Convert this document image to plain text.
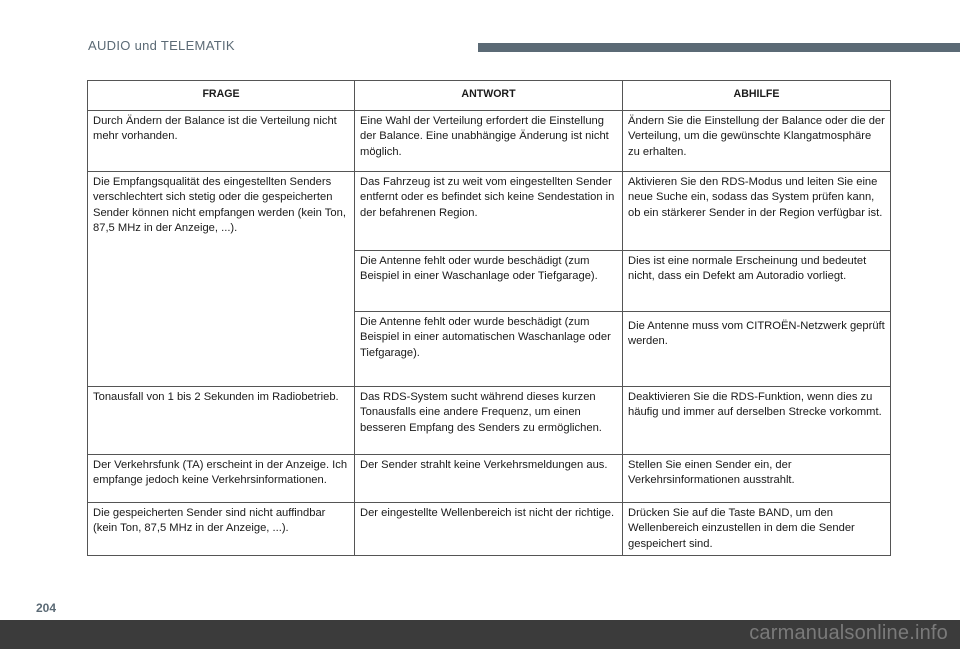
AUDIO und TELEMATIK
FRAGE	ANTWORT	ABHILFE
Durch Ändern der Balance ist die Verteilung nicht mehr vorhanden.	Eine Wahl der Verteilung erfordert die Einstellung der Balance. Eine unabhängige Änderung ist nicht möglich.	Ändern Sie die Einstellung der Balance oder die der Verteilung, um die gewünschte Klangatmosphäre zu erhalten.
Die Empfangsqualität des eingestellten Senders verschlechtert sich stetig oder die gespeicherten Sender können nicht empfangen werden (kein Ton, 87,5 MHz in der Anzeige, ...).	Das Fahrzeug ist zu weit vom eingestellten Sender entfernt oder es befindet sich keine Sendestation in der befahrenen Region.	Aktivieren Sie den RDS-Modus und leiten Sie eine neue Suche ein, sodass das System prüfen kann, ob ein stärkerer Sender in der Region verfügbar ist.
	Die Antenne fehlt oder wurde beschädigt (zum Beispiel in einer Waschanlage oder Tiefgarage).	Dies ist eine normale Erscheinung und bedeutet nicht, dass ein Defekt am Autoradio vorliegt.
	Die Antenne fehlt oder wurde beschädigt (zum Beispiel in einer automatischen Waschanlage oder Tiefgarage).	Die Antenne muss vom CITROËN-Netzwerk geprüft werden.
Tonausfall von 1 bis 2 Sekunden im Radiobetrieb.	Das RDS-System sucht während dieses kurzen Tonausfalls eine andere Frequenz, um einen besseren Empfang des Senders zu ermöglichen.	Deaktivieren Sie die RDS-Funktion, wenn dies zu häufig und immer auf derselben Strecke vorkommt.
Der Verkehrsfunk (TA) erscheint in der Anzeige. Ich empfange jedoch keine Verkehrsinformationen.	Der Sender strahlt keine Verkehrsmeldungen aus.	Stellen Sie einen Sender ein, der Verkehrsinformationen ausstrahlt.
Die gespeicherten Sender sind nicht auffindbar (kein Ton, 87,5 MHz in der Anzeige, ...).	Der eingestellte Wellenbereich ist nicht der richtige.	Drücken Sie auf die Taste BAND, um den Wellenbereich einzustellen in dem die Sender gespeichert sind.
204
carmanualsonline.info
